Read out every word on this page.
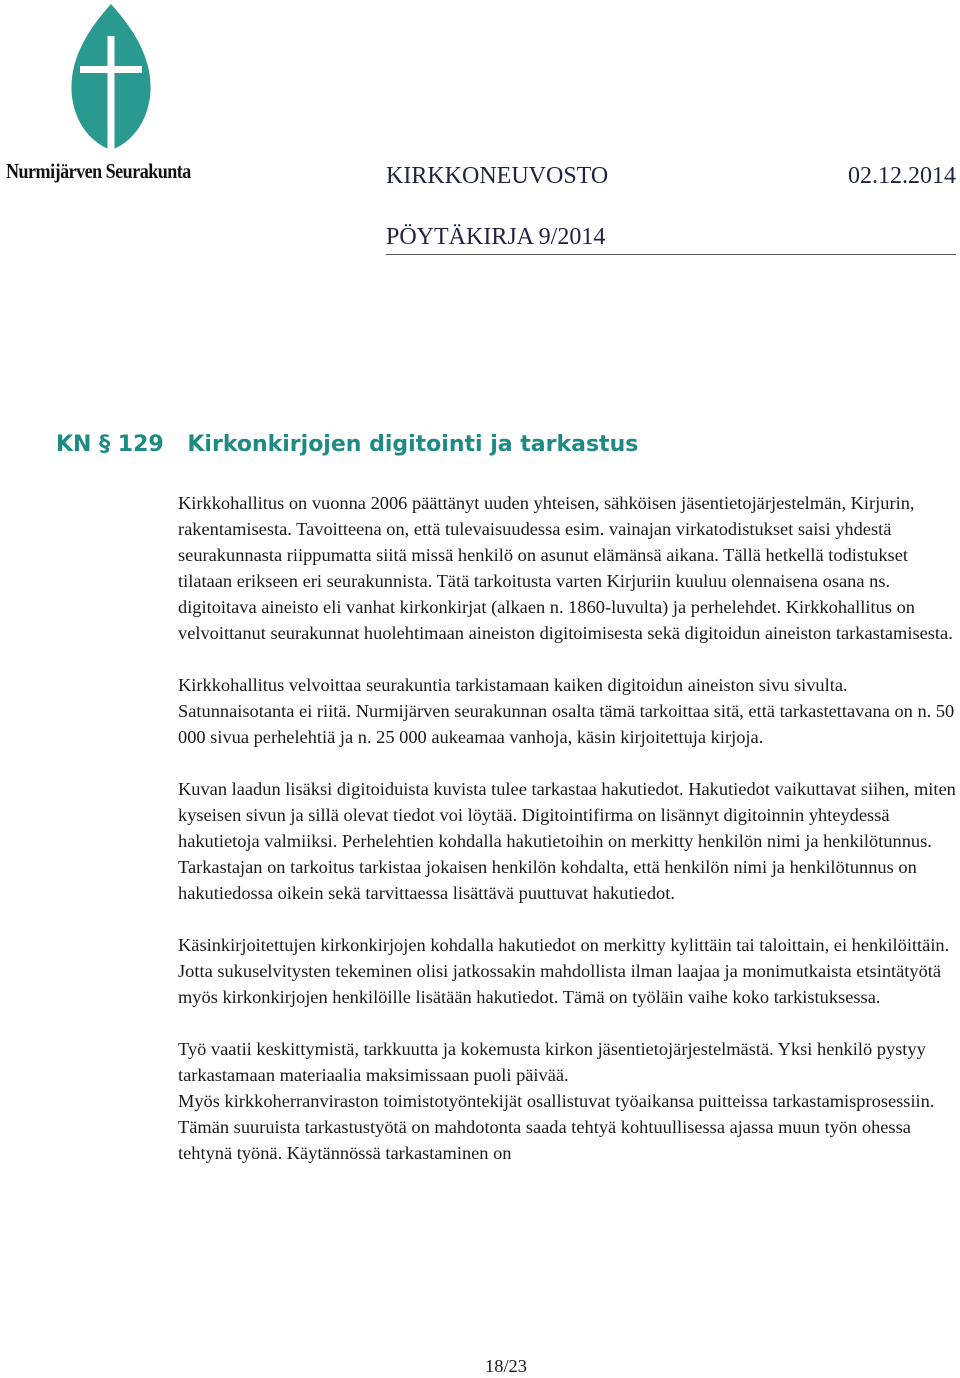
Nurmijärven Seurakunta	KIRKKONEUVOSTO	02.12.2014
PÖYTÄKIRJA 9/2014
KN § 129 Kirkonkirjojen digitointi ja tarkastus

Kirkkohallitus on vuonna 2006 päättänyt uuden yhteisen, sähköisen jäsentietojärjestelmän, Kirjurin, rakentamisesta. Tavoitteena on, että tulevaisuudessa esim. vainajan virkatodistukset saisi yhdestä seurakunnasta riippumatta siitä missä henkilö on asunut elämänsä aikana. Tällä hetkellä todistukset tilataan erikseen eri seurakunnista. Tätä tarkoitusta varten Kirjuriin kuuluu olennaisena osana ns. digitoitava aineisto eli vanhat kirkonkirjat (alkaen n. 1860-luvulta) ja perhelehdet. Kirkkohallitus on velvoittanut seurakunnat huolehtimaan aineiston digitoimisesta sekä digitoidun aineiston tarkastamisesta.

Kirkkohallitus velvoittaa seurakuntia tarkistamaan kaiken digitoidun aineiston sivu sivulta. Satunnaisotanta ei riitä. Nurmijärven seurakunnan osalta tämä tarkoittaa sitä, että tarkastettavana on n. 50 000 sivua perhelehtiä ja n. 25 000 aukeamaa vanhoja, käsin kirjoitettuja kirjoja.

Kuvan laadun lisäksi digitoiduista kuvista tulee tarkastaa hakutiedot. Hakutiedot vaikuttavat siihen, miten kyseisen sivun ja sillä olevat tiedot voi löytää. Digitointifirma on lisännyt digitoinnin yhteydessä hakutietoja valmiiksi. Perhelehtien kohdalla hakutietoihin on merkitty henkilön nimi ja henkilötunnus. Tarkastajan on tarkoitus tarkistaa jokaisen henkilön kohdalta, että henkilön nimi ja henkilötunnus on hakutiedossa oikein sekä tarvittaessa lisättävä puuttuvat hakutiedot.

Käsinkirjoitettujen kirkonkirjojen kohdalla hakutiedot on merkitty kylittäin tai taloittain, ei henkilöittäin. Jotta sukuselvitysten tekeminen olisi jatkossakin mahdollista ilman laajaa ja monimutkaista etsintätyötä myös kirkonkirjojen henkilöille lisätään hakutiedot. Tämä on työläin vaihe koko tarkistuksessa.

Työ vaatii keskittymistä, tarkkuutta ja kokemusta kirkon jäsentietojärjestelmästä. Yksi henkilö pystyy tarkastamaan materiaalia maksimissaan puoli päivää.

Myös kirkkoherranviraston toimistotyöntekijät osallistuvat työaikansa puitteissa tarkastamisprosessiin. Tämän suuruista tarkastustyötä on mahdotonta saada tehtyä kohtuullisessa ajassa muun työn ohessa tehtynä työnä. Käytännössä tarkastaminen on

18/23
